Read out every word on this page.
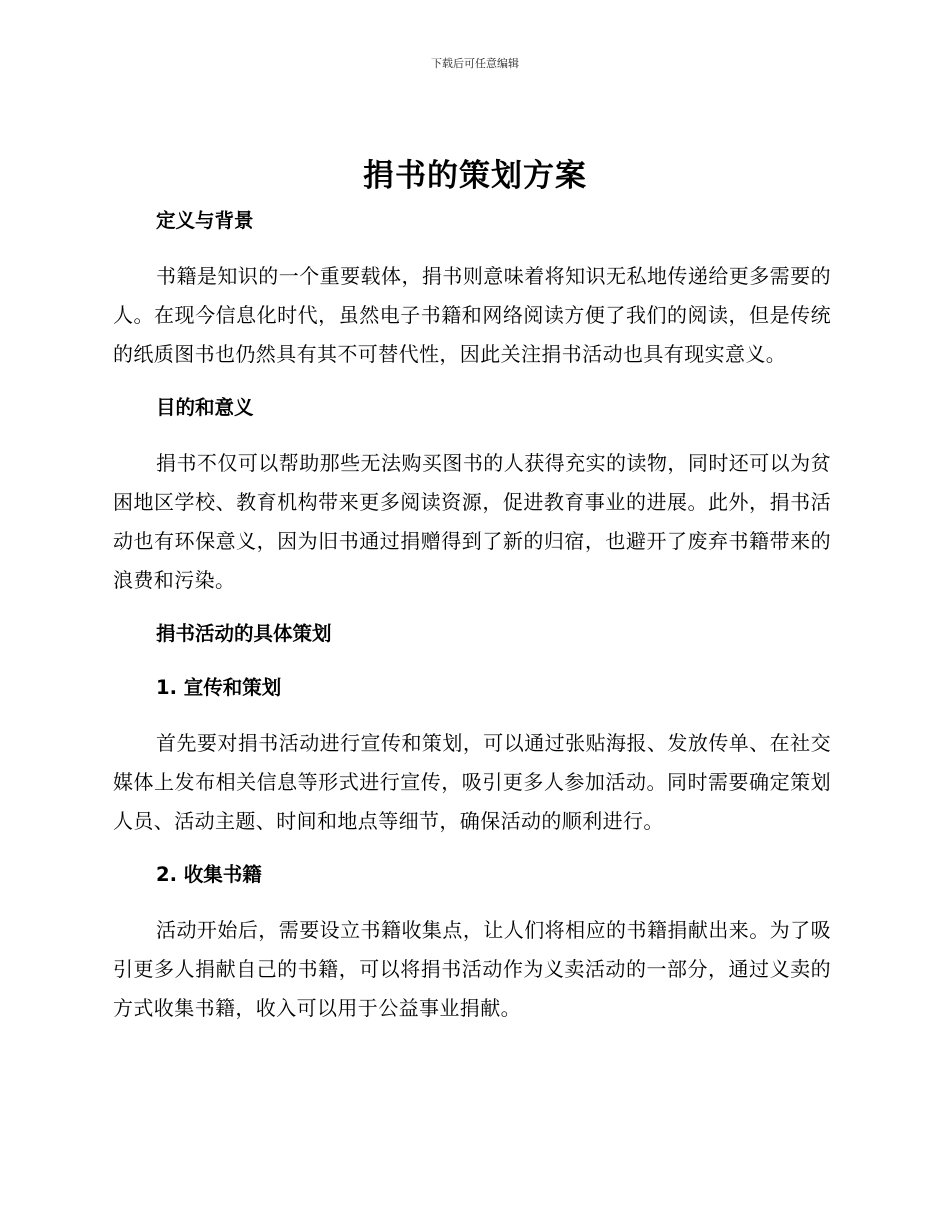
下载后可任意编辑
捐书的策划方案
定义与背景

书籍是知识的一个重要载体，捐书则意味着将知识无私地传递给更多需要的人。在现今信息化时代，虽然电子书籍和网络阅读方便了我们的阅读，但是传统的纸质图书也仍然具有其不可替代性，因此关注捐书活动也具有现实意义。

目的和意义

捐书不仅可以帮助那些无法购买图书的人获得充实的读物，同时还可以为贫困地区学校、教育机构带来更多阅读资源，促进教育事业的进展。此外，捐书活动也有环保意义，因为旧书通过捐赠得到了新的归宿，也避开了废弃书籍带来的浪费和污染。

捐书活动的具体策划
1. 宣传和策划

首先要对捐书活动进行宣传和策划，可以通过张贴海报、发放传单、在社交媒体上发布相关信息等形式进行宣传，吸引更多人参加活动。同时需要确定策划人员、活动主题、时间和地点等细节，确保活动的顺利进行。

2. 收集书籍

活动开始后，需要设立书籍收集点，让人们将相应的书籍捐献出来。为了吸引更多人捐献自己的书籍，可以将捐书活动作为义卖活动的一部分，通过义卖的方式收集书籍，收入可以用于公益事业捐献。
